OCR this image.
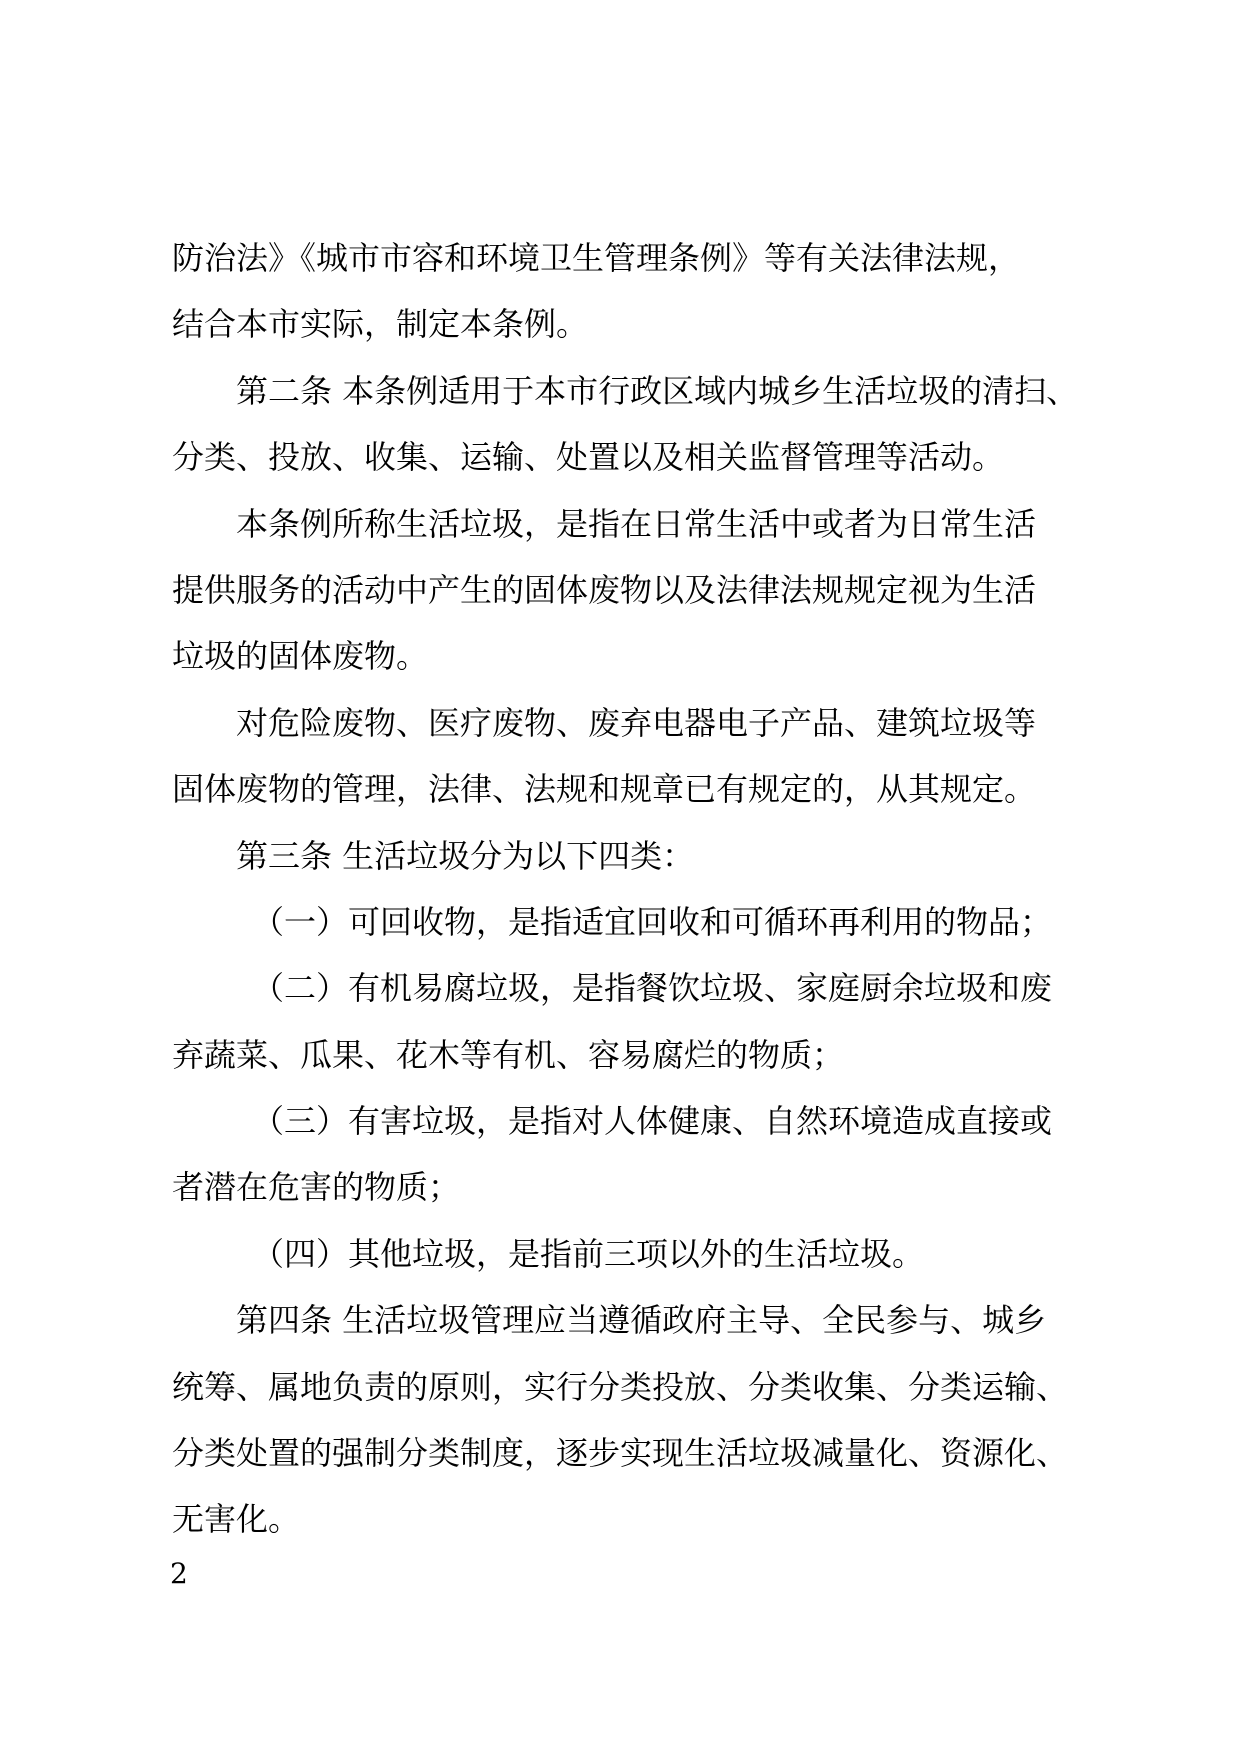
防治法》《城市市容和环境卫生管理条例》等有关法律法规，
结合本市实际，制定本条例。
第二条 本条例适用于本市行政区域内城乡生活垃圾的清扫、
分类、投放、收集、运输、处置以及相关监督管理等活动。
本条例所称生活垃圾，是指在日常生活中或者为日常生活
提供服务的活动中产生的固体废物以及法律法规规定视为生活
垃圾的固体废物。
对危险废物、医疗废物、废弃电器电子产品、建筑垃圾等
固体废物的管理，法律、法规和规章已有规定的，从其规定。
第三条 生活垃圾分为以下四类：
（一）可回收物，是指适宜回收和可循环再利用的物品；
（二）有机易腐垃圾，是指餐饮垃圾、家庭厨余垃圾和废
弃蔬菜、瓜果、花木等有机、容易腐烂的物质；
（三）有害垃圾，是指对人体健康、自然环境造成直接或
者潜在危害的物质；
（四）其他垃圾，是指前三项以外的生活垃圾。
第四条 生活垃圾管理应当遵循政府主导、全民参与、城乡
统筹、属地负责的原则，实行分类投放、分类收集、分类运输、
分类处置的强制分类制度，逐步实现生活垃圾减量化、资源化、
无害化。
2
